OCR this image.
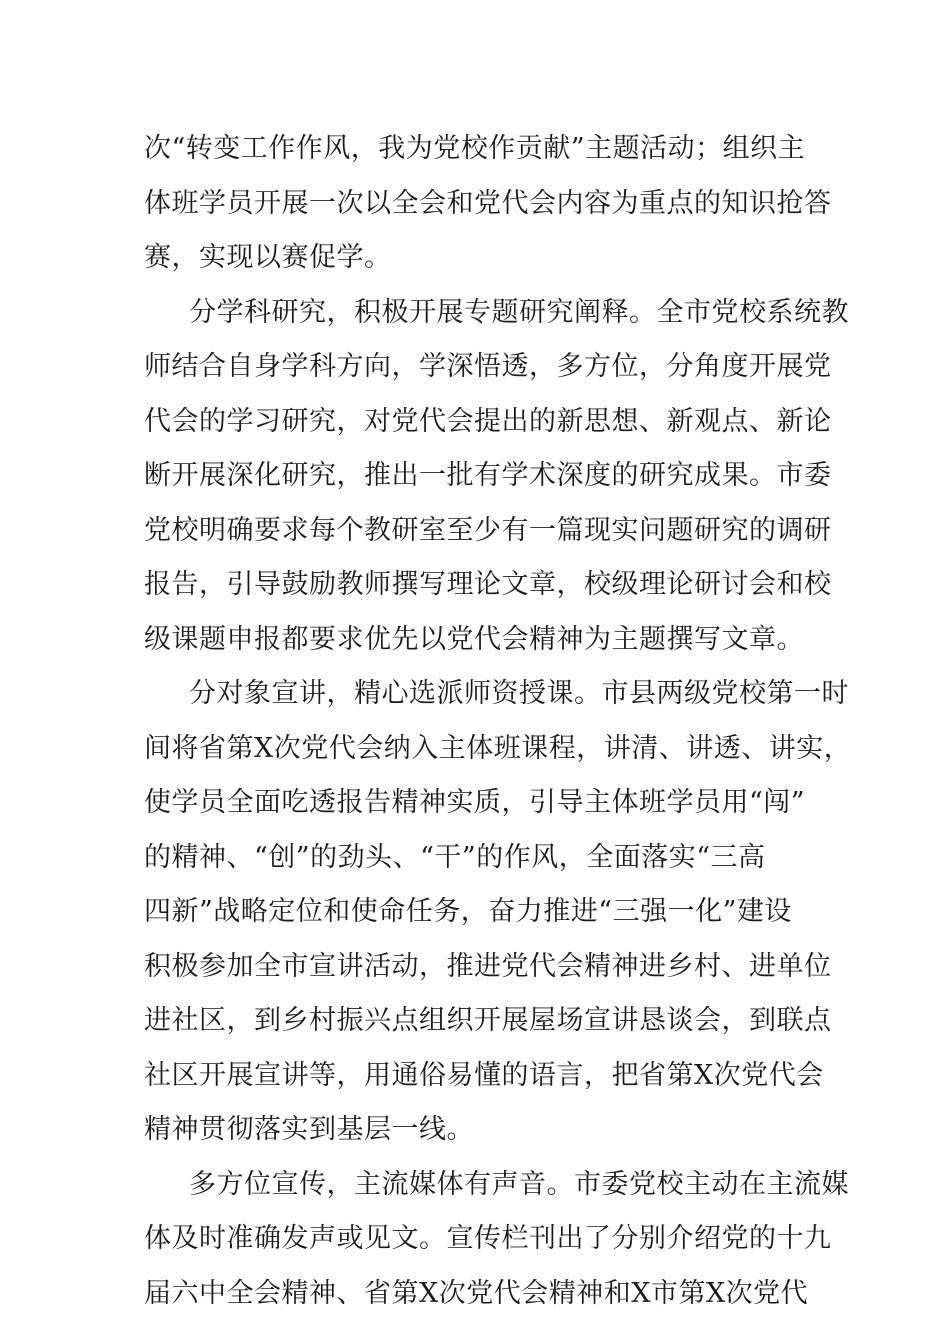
次“转变工作作风，我为党校作贡献”主题活动；组织主
体班学员开展一次以全会和党代会内容为重点的知识抢答
赛，实现以赛促学。
分学科研究，积极开展专题研究阐释。全市党校系统教
师结合自身学科方向，学深悟透，多方位，分角度开展党
代会的学习研究，对党代会提出的新思想、新观点、新论
断开展深化研究，推出一批有学术深度的研究成果。市委
党校明确要求每个教研室至少有一篇现实问题研究的调研
报告，引导鼓励教师撰写理论文章，校级理论研讨会和校
级课题申报都要求优先以党代会精神为主题撰写文章。
分对象宣讲，精心选派师资授课。市县两级党校第一时
间将省第X次党代会纳入主体班课程，讲清、讲透、讲实，
使学员全面吃透报告精神实质，引导主体班学员用“闯”
的精神、“创”的劲头、“干”的作风，全面落实“三高
四新”战略定位和使命任务，奋力推进“三强一化”建设
积极参加全市宣讲活动，推进党代会精神进乡村、进单位
进社区，到乡村振兴点组织开展屋场宣讲恳谈会，到联点
社区开展宣讲等，用通俗易懂的语言，把省第X次党代会
精神贯彻落实到基层一线。
多方位宣传，主流媒体有声音。市委党校主动在主流媒
体及时准确发声或见文。宣传栏刊出了分别介绍党的十九
届六中全会精神、省第X次党代会精神和X市第X次党代
